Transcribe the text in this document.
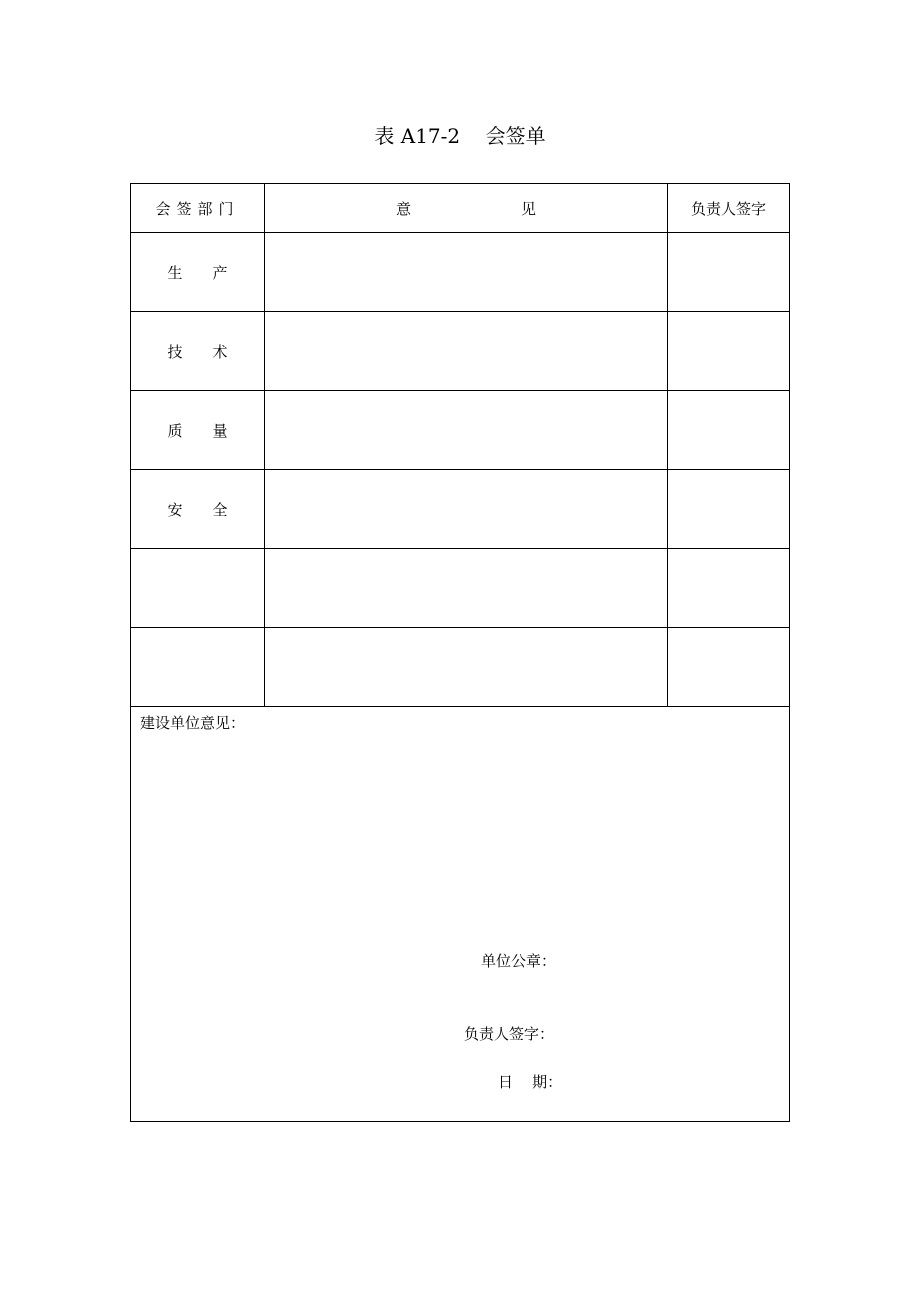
表 A17-2    会签单
会签部门	意见	负责人签字
生产		
技术		
质量		
安全		

建设单位意见：
单位公章：
负责人签字：
日    期：		
